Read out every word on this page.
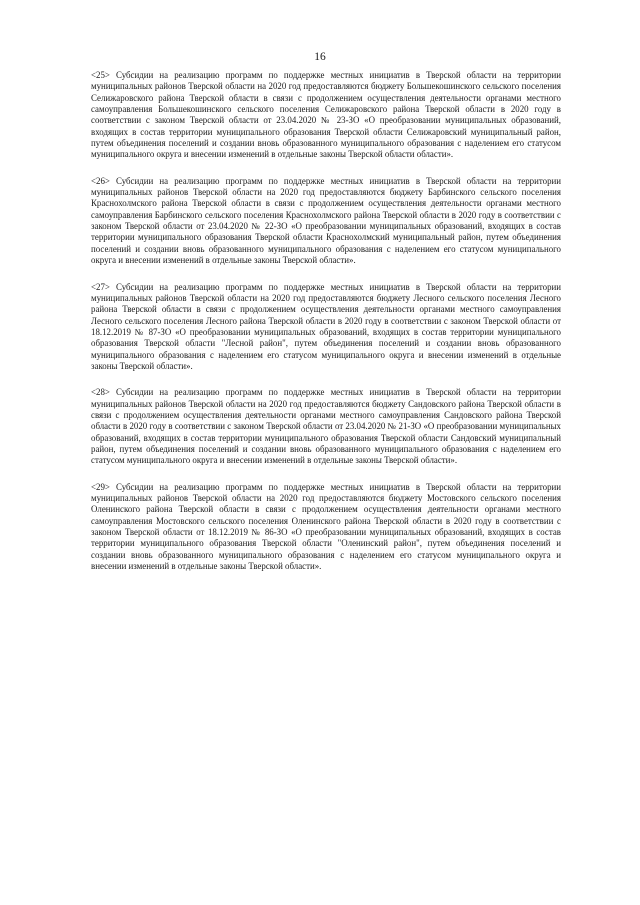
16

<25> Субсидии на реализацию программ по поддержке местных инициатив в Тверской области на территории муниципальных районов Тверской области на 2020 год предоставляются бюджету Большекошинского сельского поселения Селижаровского района Тверской области в связи с продолжением осуществления деятельности органами местного самоуправления Большекошинского сельского поселения Селижаровского района Тверской области в 2020 году в соответствии с законом Тверской области от 23.04.2020 № 23-ЗО «О преобразовании муниципальных образований, входящих в состав территории муниципального образования Тверской области Селижаровский муниципальный район, путем объединения поселений и создании вновь образованного муниципального образования с наделением его статусом муниципального округа и внесении изменений в отдельные законы Тверской области области».

<26> Субсидии на реализацию программ по поддержке местных инициатив в Тверской области на территории муниципальных районов Тверской области на 2020 год предоставляются бюджету Барбинского сельского поселения Краснохолмского района Тверской области в связи с продолжением осуществления деятельности органами местного самоуправления Барбинского сельского поселения Краснохолмского района Тверской области в 2020 году в соответствии с законом Тверской области от 23.04.2020 № 22-ЗО «О преобразовании муниципальных образований, входящих в состав территории муниципального образования Тверской области Краснохолмский муниципальный район, путем объединения поселений и создании вновь образованного муниципального образования с наделением его статусом муниципального округа и внесении изменений в отдельные законы Тверской области».

<27> Субсидии на реализацию программ по поддержке местных инициатив в Тверской области на территории муниципальных районов Тверской области на 2020 год предоставляются бюджету Лесного сельского поселения Лесного района Тверской области в связи с продолжением осуществления деятельности органами местного самоуправления Лесного сельского поселения Лесного района Тверской области в 2020 году в соответствии с законом Тверской области от 18.12.2019 № 87-ЗО «О преобразовании муниципальных образований, входящих в состав территории муниципального образования Тверской области "Лесной район", путем объединения поселений и создании вновь образованного муниципального образования с наделением его статусом муниципального округа и внесении изменений в отдельные законы Тверской области».

<28> Субсидии на реализацию программ по поддержке местных инициатив в Тверской области на территории муниципальных районов Тверской области на 2020 год предоставляются бюджету Сандовского района Тверской области в связи с продолжением осуществления деятельности органами местного самоуправления Сандовского района Тверской области в 2020 году в соответствии с законом Тверской области от 23.04.2020 № 21-ЗО «О преобразовании муниципальных образований, входящих в состав территории муниципального образования Тверской области Сандовский муниципальный район, путем объединения поселений и создании вновь образованного муниципального образования с наделением его статусом муниципального округа и внесении изменений в отдельные законы Тверской области».

<29> Субсидии на реализацию программ по поддержке местных инициатив в Тверской области на территории муниципальных районов Тверской области на 2020 год предоставляются бюджету Мостовского сельского поселения Оленинского района Тверской области в связи с продолжением осуществления деятельности органами местного самоуправления Мостовского сельского поселения Оленинского района Тверской области в 2020 году в соответствии с законом Тверской области от 18.12.2019 № 86-ЗО «О преобразовании муниципальных образований, входящих в состав территории муниципального образования Тверской области "Оленинский район", путем объединения поселений и создании вновь образованного муниципального образования с наделением его статусом муниципального округа и внесении изменений в отдельные законы Тверской области».
